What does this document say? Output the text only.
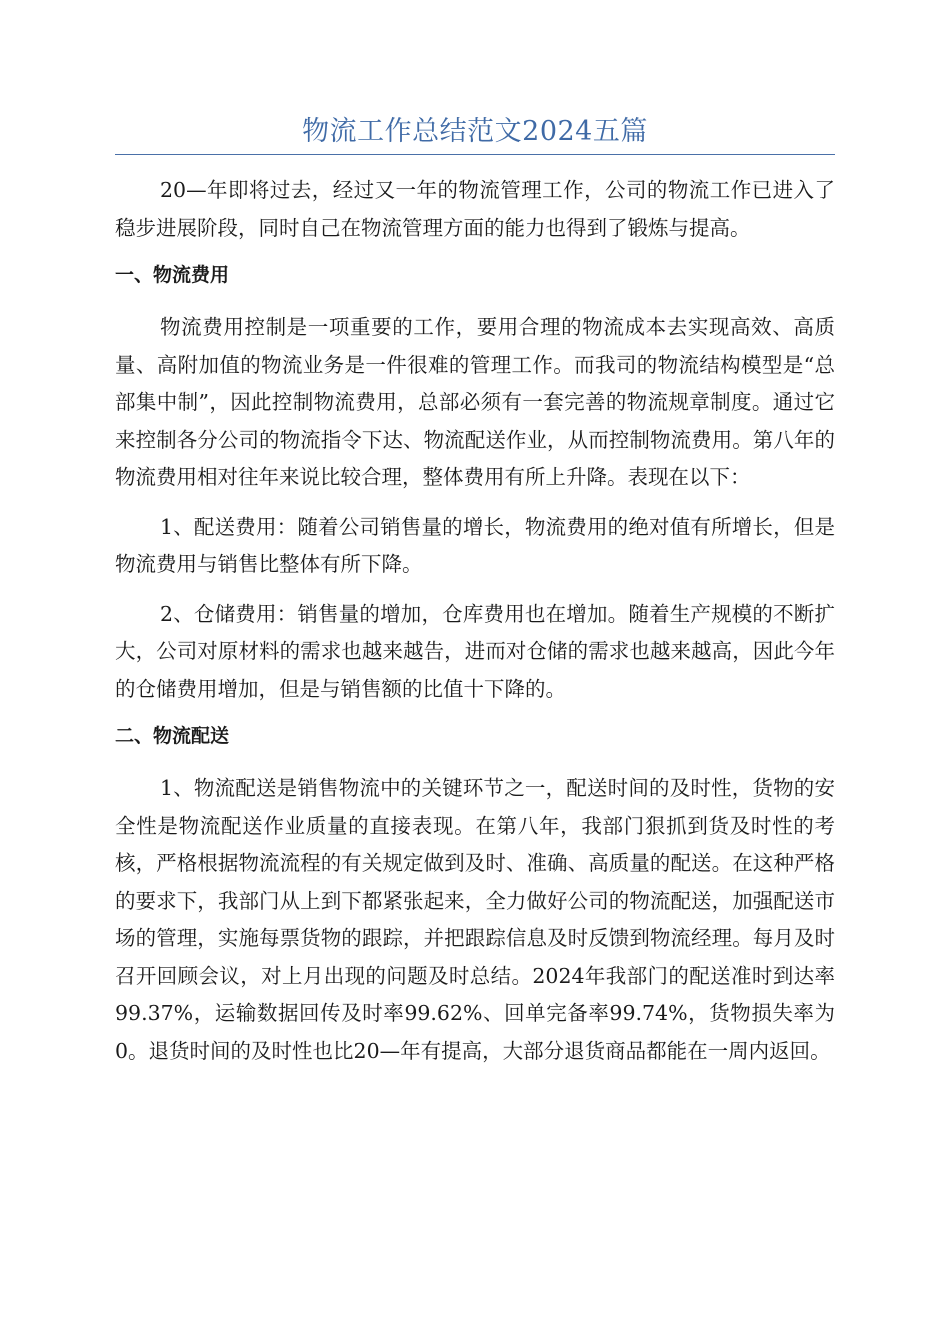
物流工作总结范文2024五篇

20—年即将过去，经过又一年的物流管理工作，公司的物流工作已进入了稳步进展阶段，同时自己在物流管理方面的能力也得到了锻炼与提高。

一、物流费用

物流费用控制是一项重要的工作，要用合理的物流成本去实现高效、高质量、高附加值的物流业务是一件很难的管理工作。而我司的物流结构模型是“总部集中制”，因此控制物流费用，总部必须有一套完善的物流规章制度。通过它来控制各分公司的物流指令下达、物流配送作业，从而控制物流费用。第八年的物流费用相对往年来说比较合理，整体费用有所上升降。表现在以下：

1、配送费用：随着公司销售量的增长，物流费用的绝对值有所增长，但是物流费用与销售比整体有所下降。

2、仓储费用：销售量的增加，仓库费用也在增加。随着生产规模的不断扩大，公司对原材料的需求也越来越告，进而对仓储的需求也越来越高，因此今年的仓储费用增加，但是与销售额的比值十下降的。

二、物流配送

1、物流配送是销售物流中的关键环节之一，配送时间的及时性，货物的安全性是物流配送作业质量的直接表现。在第八年，我部门狠抓到货及时性的考核，严格根据物流流程的有关规定做到及时、准确、高质量的配送。在这种严格的要求下，我部门从上到下都紧张起来，全力做好公司的物流配送，加强配送市场的管理，实施每票货物的跟踪，并把跟踪信息及时反馈到物流经理。每月及时召开回顾会议，对上月出现的问题及时总结。2024年我部门的配送准时到达率99.37%，运输数据回传及时率99.62%、回单完备率99.74%，货物损失率为0。退货时间的及时性也比20—年有提高，大部分退货商品都能在一周内返回。
